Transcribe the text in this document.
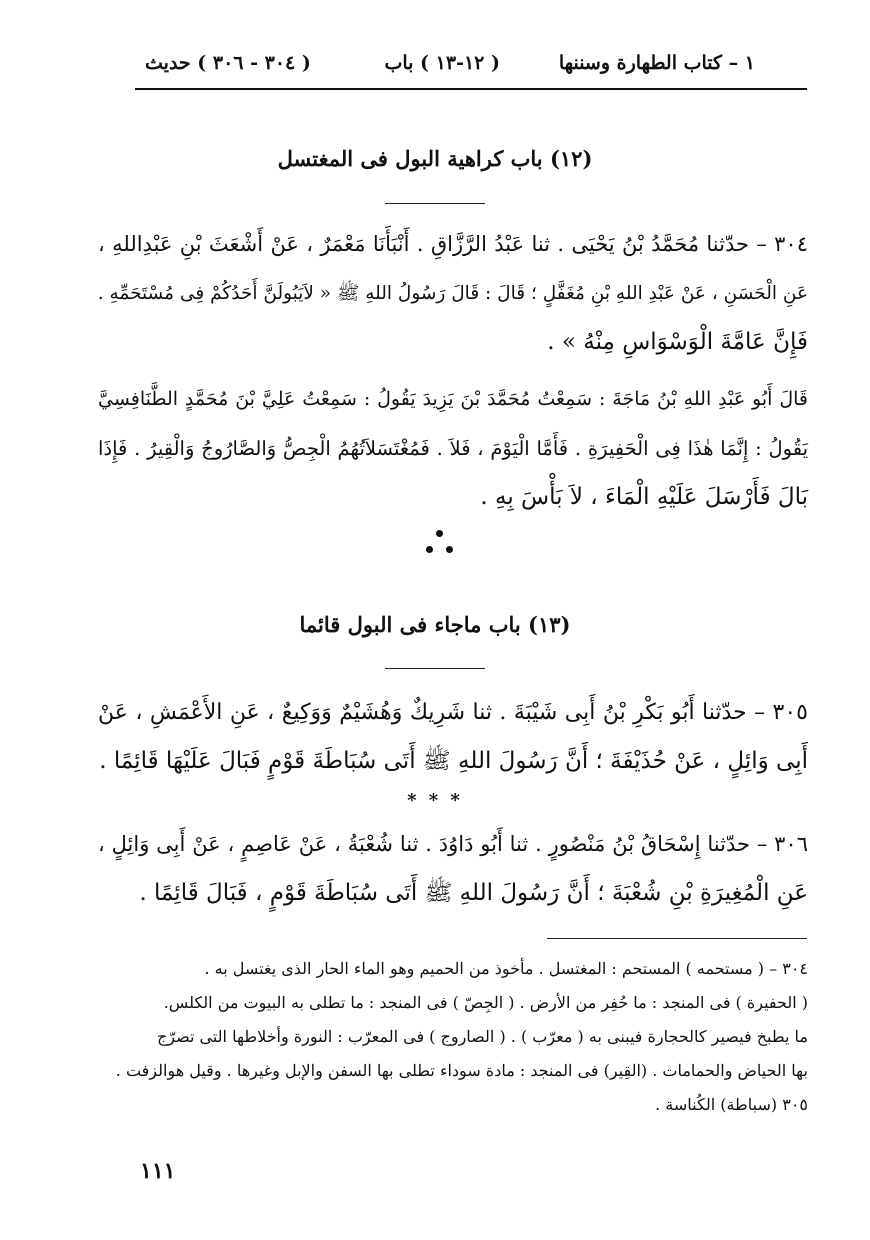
١ – كتاب الطهارة وسننها
( ١٢-١٣ ) باب
( ٣٠٤ - ٣٠٦ ) حديث
(١٢) باب كراهية البول فى المغتسل
٣٠٤ – حدّثنا مُحَمَّدُ بْنُ يَحْيَى . ثنا عَبْدُ الرَّزَّاقِ . أَنْبَأَنَا مَعْمَرٌ ، عَنْ أَشْعَثَ بْنِ عَبْدِاللهِ ،
عَنِ الْحَسَنِ ، عَنْ عَبْدِ اللهِ بْنِ مُغَفَّلٍ ؛ قَالَ : قَالَ رَسُولُ اللهِ ﷺ « لاَيَبُولَنَّ أَحَدُكُمْ فِى مُسْتَحَمِّهِ .
فَإِنَّ عَامَّةَ الْوَسْوَاسِ مِنْهُ » .
قَالَ أَبُو عَبْدِ اللهِ بْنُ مَاجَةَ : سَمِعْتُ مُحَمَّدَ بْنَ يَزِيدَ يَقُولُ : سَمِعْتُ عَلِيَّ بْنَ مُحَمَّدٍ الطَّنَافِسِيَّ
يَقُولُ : إِنَّمَا هٰذَا فِى الْحَفِيرَةِ . فَأَمَّا الْيَوْمَ ، فَلاَ . فَمُغْتَسَلاَتُهُمُ الْجِصُّ وَالصَّارُوجُ وَالْقِيرُ . فَإِذَا
بَالَ فَأَرْسَلَ عَلَيْهِ الْمَاءَ ، لاَ بَأْسَ بِهِ .
(١٣) باب ماجاء فى البول قائما
٣٠٥ – حدّثنا أَبُو بَكْرِ بْنُ أَبِى شَيْبَةَ . ثنا شَرِيكٌ وَهُشَيْمٌ وَوَكِيعٌ ، عَنِ الأَعْمَشِ ، عَنْ
أَبِى وَائِلٍ ، عَنْ حُذَيْفَةَ ؛ أَنَّ رَسُولَ اللهِ ﷺ أَتَى سُبَاطَةَ قَوْمٍ فَبَالَ عَلَيْهَا قَائِمًا .
* * *
٣٠٦ – حدّثنا إِسْحَاقُ بْنُ مَنْصُورٍ . ثنا أَبُو دَاوُدَ . ثنا شُعْبَةُ ، عَنْ عَاصِمٍ ، عَنْ أَبِى وَائِلٍ ،
عَنِ الْمُغِيرَةِ بْنِ شُعْبَةَ ؛ أَنَّ رَسُولَ اللهِ ﷺ أَتَى سُبَاطَةَ قَوْمٍ ، فَبَالَ قَائِمًا .
٣٠٤ – ( مستحمه ) المستحم : المغتسل . مأخوذ من الحميم وهو الماء الحار الذى يغتسل به .
( الحفيرة ) فى المنجد : ما حُفِر من الأرض . ( الجِصّ ) فى المنجد : ما تطلى به البيوت من الكلس.
ما يطبخ فيصير كالحجارة فيبنى به ( معرّب ) . ( الصاروج ) فى المعرّب : النورة وأخلاطها التى تصرّج
بها الحياض والحمامات . (القِير) فى المنجد : مادة سوداء تطلى بها السفن والإبل وغيرها . وقيل هوالزفت .
٣٠٥ (سباطة) الكُناسة .
١١١
